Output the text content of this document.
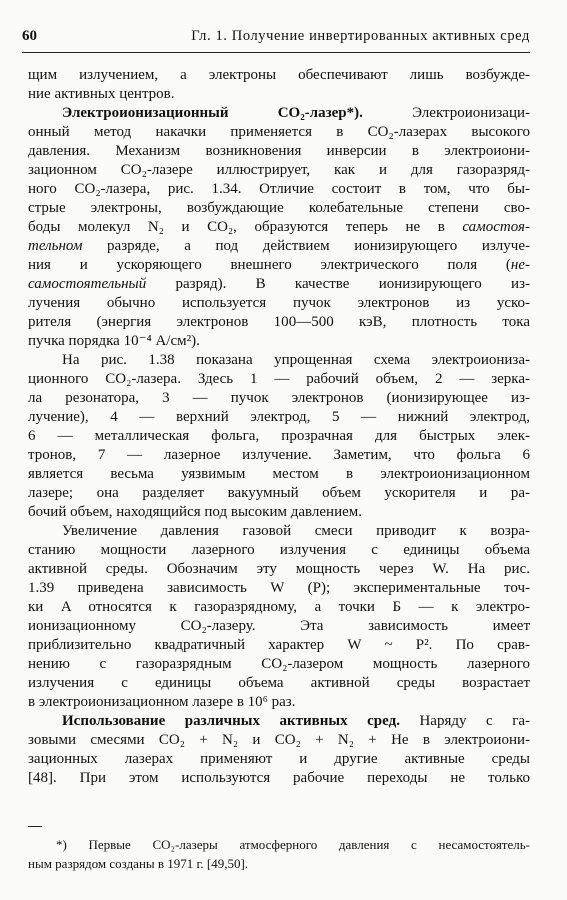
60	Гл. 1. Получение инвертированных активных сред
щим излучением, а электроны обеспечивают лишь возбужде-
ние активных центров.
Электроионизационный CO₂-лазер*). Электроионизаци-
онный метод накачки применяется в CO₂-лазерах высокого
давления. Механизм возникновения инверсии в электроиони-
зационном CO₂-лазере иллюстрирует, как и для газоразряд-
ного CO₂-лазера, рис. 1.34. Отличие состоит в том, что бы-
стрые электроны, возбуждающие колебательные степени сво-
боды молекул N₂ и CO₂, образуются теперь не в самостоя-
тельном разряде, а под действием ионизирующего излуче-
ния и ускоряющего внешнего электрического поля (не-
самостоятельный разряд). В качестве ионизирующего из-
лучения обычно используется пучок электронов из уско-
рителя (энергия электронов 100—500 кэВ, плотность тока
пучка порядка 10⁻⁴ А/см²).
На рис. 1.38 показана упрощенная схема электроиониза-
ционного CO₂-лазера. Здесь 1 — рабочий объем, 2 — зерка-
ла резонатора, 3 — пучок электронов (ионизирующее из-
лучение), 4 — верхний электрод, 5 — нижний электрод,
6 — металлическая фольга, прозрачная для быстрых элек-
тронов, 7 — лазерное излучение. Заметим, что фольга 6
является весьма уязвимым местом в электроионизационном
лазере; она разделяет вакуумный объем ускорителя и ра-
бочий объем, находящийся под высоким давлением.
Увеличение давления газовой смеси приводит к возра-
станию мощности лазерного излучения с единицы объема
активной среды. Обозначим эту мощность через W. На рис.
1.39 приведена зависимость W (P); экспериментальные точ-
ки A относятся к газоразрядному, а точки Б — к электро-
ионизационному CO₂-лазеру. Эта зависимость имеет
приблизительно квадратичный характер W ~ P². По срав-
нению с газоразрядным CO₂-лазером мощность лазерного
излучения с единицы объема активной среды возрастает
в электроионизационном лазере в 10⁶ раз.
Использование различных активных сред. Наряду с га-
зовыми смесями CO₂ + N₂ и CO₂ + N₂ + Не в электроиони-
зационных лазерах применяют и другие активные среды
[48]. При этом используются рабочие переходы не только
*) Первые CO₂-лазеры атмосферного давления с несамостоятель-
ным разрядом созданы в 1971 г. [49,50].
